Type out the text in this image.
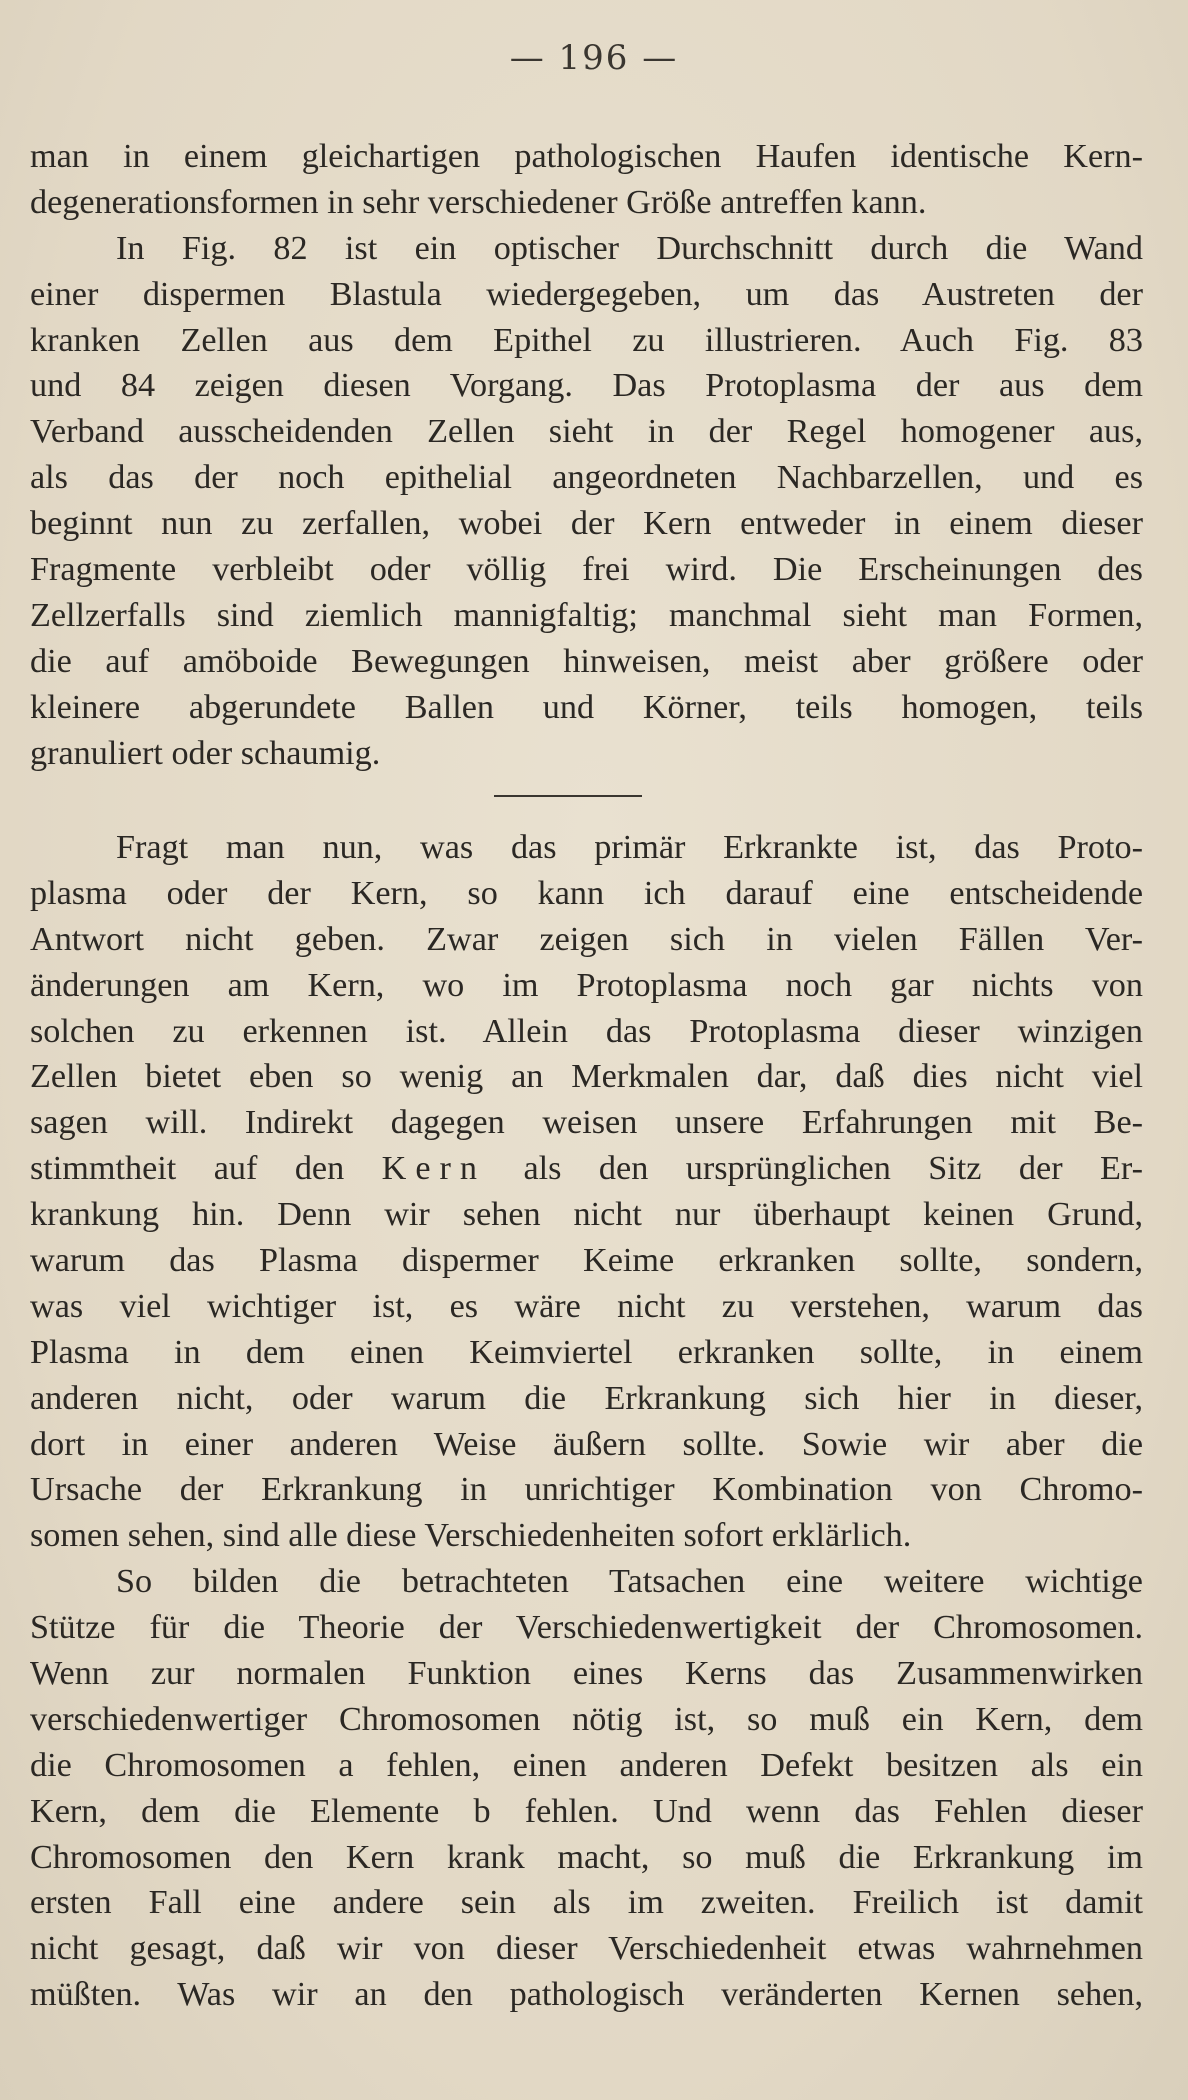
— 196 —
man in einem gleichartigen pathologischen Haufen identische Kern-
degenerationsformen in sehr verschiedener Größe antreffen kann.
In Fig. 82 ist ein optischer Durchschnitt durch die Wand
einer dispermen Blastula wiedergegeben, um das Austreten der
kranken Zellen aus dem Epithel zu illustrieren. Auch Fig. 83
und 84 zeigen diesen Vorgang. Das Protoplasma der aus dem
Verband ausscheidenden Zellen sieht in der Regel homogener aus,
als das der noch epithelial angeordneten Nachbarzellen, und es
beginnt nun zu zerfallen, wobei der Kern entweder in einem dieser
Fragmente verbleibt oder völlig frei wird. Die Erscheinungen des
Zellzerfalls sind ziemlich mannigfaltig; manchmal sieht man Formen,
die auf amöboide Bewegungen hinweisen, meist aber größere oder
kleinere abgerundete Ballen und Körner, teils homogen, teils
granuliert oder schaumig.
Fragt man nun, was das primär Erkrankte ist, das Proto-
plasma oder der Kern, so kann ich darauf eine entscheidende
Antwort nicht geben. Zwar zeigen sich in vielen Fällen Ver-
änderungen am Kern, wo im Protoplasma noch gar nichts von
solchen zu erkennen ist. Allein das Protoplasma dieser winzigen
Zellen bietet eben so wenig an Merkmalen dar, daß dies nicht viel
sagen will. Indirekt dagegen weisen unsere Erfahrungen mit Be-
stimmtheit auf den Kern als den ursprünglichen Sitz der Er-
krankung hin. Denn wir sehen nicht nur überhaupt keinen Grund,
warum das Plasma dispermer Keime erkranken sollte, sondern,
was viel wichtiger ist, es wäre nicht zu verstehen, warum das
Plasma in dem einen Keimviertel erkranken sollte, in einem
anderen nicht, oder warum die Erkrankung sich hier in dieser,
dort in einer anderen Weise äußern sollte. Sowie wir aber die
Ursache der Erkrankung in unrichtiger Kombination von Chromo-
somen sehen, sind alle diese Verschiedenheiten sofort erklärlich.
So bilden die betrachteten Tatsachen eine weitere wichtige
Stütze für die Theorie der Verschiedenwertigkeit der Chromosomen.
Wenn zur normalen Funktion eines Kerns das Zusammenwirken
verschiedenwertiger Chromosomen nötig ist, so muß ein Kern, dem
die Chromosomen a fehlen, einen anderen Defekt besitzen als ein
Kern, dem die Elemente b fehlen. Und wenn das Fehlen dieser
Chromosomen den Kern krank macht, so muß die Erkrankung im
ersten Fall eine andere sein als im zweiten. Freilich ist damit
nicht gesagt, daß wir von dieser Verschiedenheit etwas wahrnehmen
müßten. Was wir an den pathologisch veränderten Kernen sehen,
